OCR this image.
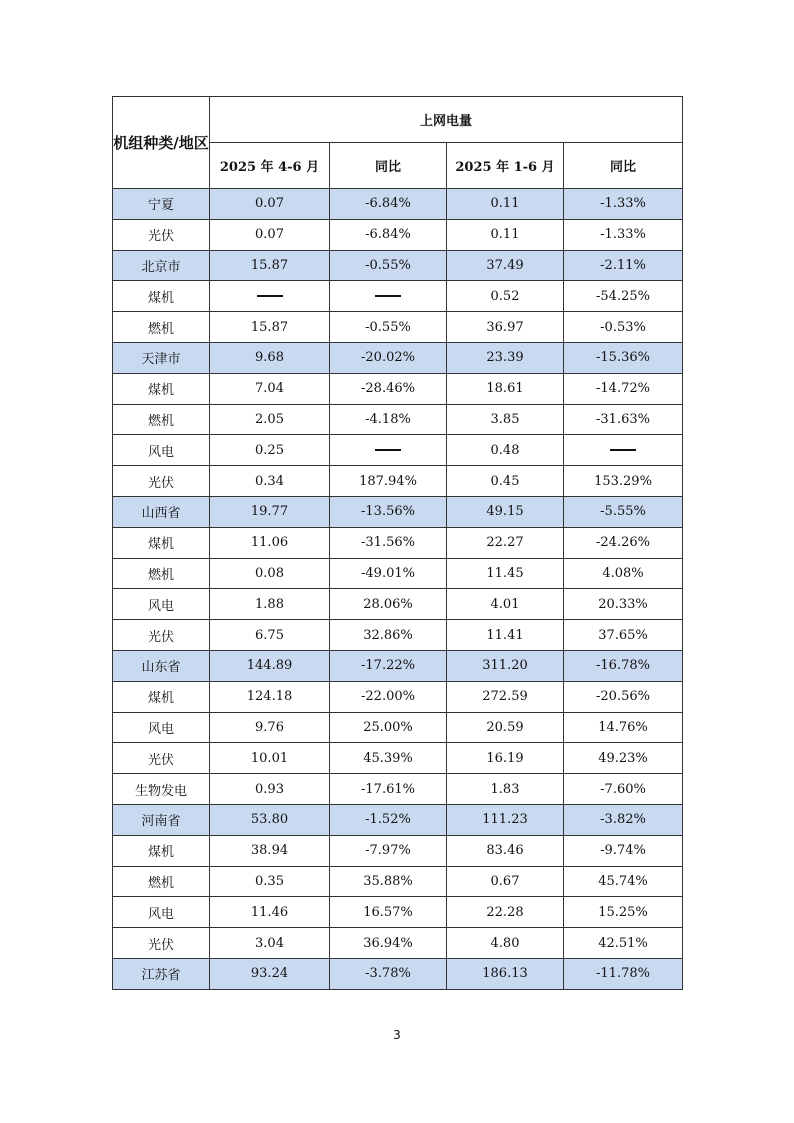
机组种类/地区	上网电量			
	2025 年 4-6 月	同比	2025 年 1-6 月	同比
宁夏	0.07	-6.84%	0.11	-1.33%
光伏	0.07	-6.84%	0.11	-1.33%
北京市	15.87	-0.55%	37.49	-2.11%
煤机			0.52	-54.25%
燃机	15.87	-0.55%	36.97	-0.53%
天津市	9.68	-20.02%	23.39	-15.36%
煤机	7.04	-28.46%	18.61	-14.72%
燃机	2.05	-4.18%	3.85	-31.63%
风电	0.25		0.48	
光伏	0.34	187.94%	0.45	153.29%
山西省	19.77	-13.56%	49.15	-5.55%
煤机	11.06	-31.56%	22.27	-24.26%
燃机	0.08	-49.01%	11.45	4.08%
风电	1.88	28.06%	4.01	20.33%
光伏	6.75	32.86%	11.41	37.65%
山东省	144.89	-17.22%	311.20	-16.78%
煤机	124.18	-22.00%	272.59	-20.56%
风电	9.76	25.00%	20.59	14.76%
光伏	10.01	45.39%	16.19	49.23%
生物发电	0.93	-17.61%	1.83	-7.60%
河南省	53.80	-1.52%	111.23	-3.82%
煤机	38.94	-7.97%	83.46	-9.74%
燃机	0.35	35.88%	0.67	45.74%
风电	11.46	16.57%	22.28	15.25%
光伏	3.04	36.94%	4.80	42.51%
江苏省	93.24	-3.78%	186.13	-11.78%
3
